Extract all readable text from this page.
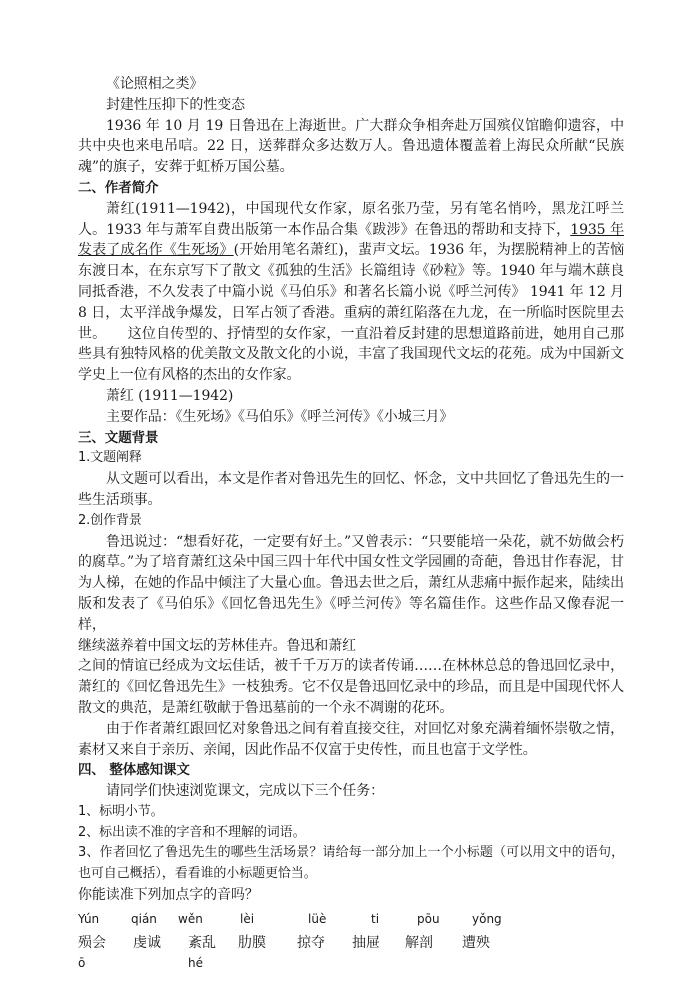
《论照相之类》

封建性压抑下的性变态

1936 年 10 月 19 日鲁迅在上海逝世。广大群众争相奔赴万国殡仪馆瞻仰遗容，中共中央也来电吊唁。22 日，送葬群众多达数万人。鲁迅遗体覆盖着上海民众所献“民族魂”的旗子，安葬于虹桥万国公墓。

二、作者简介

萧红(1911—1942)，中国现代女作家，原名张乃莹，另有笔名悄吟，黑龙江呼兰人。1933 年与萧军自费出版第一本作品合集《跋涉》在鲁迅的帮助和支持下，1935 年发表了成名作《生死场》(开始用笔名萧红)，蜚声文坛。1936 年，为摆脱精神上的苦恼东渡日本，在东京写下了散文《孤独的生活》长篇组诗《砂粒》等。1940 年与端木蕻良同抵香港，不久发表了中篇小说《马伯乐》和著名长篇小说《呼兰河传》 1941 年 12 月 8 日，太平洋战争爆发，日军占领了香港。重病的萧红陷落在九龙，在一所临时医院里去世。　　这位自传型的、抒情型的女作家，一直沿着反封建的思想道路前进，她用自己那些具有独特风格的优美散文及散文化的小说，丰富了我国现代文坛的花苑。成为中国新文学史上一位有风格的杰出的女作家。

萧红 (1911—1942)

主要作品：《生死场》《马伯乐》《呼兰河传》《小城三月》

三、文题背景

1.文题阐释

从文题可以看出，本文是作者对鲁迅先生的回忆、怀念，文中共回忆了鲁迅先生的一些生活琐事。

2.创作背景

鲁迅说过：“想看好花，一定要有好土。”又曾表示：“只要能培一朵花，就不妨做会朽的腐草。”为了培育萧红这朵中国三四十年代中国女性文学园圃的奇葩，鲁迅甘作春泥，甘为人梯，在她的作品中倾注了大量心血。鲁迅去世之后，萧红从悲痛中振作起来，陆续出版和发表了《马伯乐》《回忆鲁迅先生》《呼兰河传》等名篇佳作。这些作品又像春泥一样，

继续滋养着中国文坛的芳林佳卉。鲁迅和萧红

之间的情谊已经成为文坛佳话，被千千万万的读者传诵……在林林总总的鲁迅回忆录中，萧红的《回忆鲁迅先生》一枝独秀。它不仅是鲁迅回忆录中的珍品，而且是中国现代怀人散文的典范，是萧红敬献于鲁迅墓前的一个永不凋谢的花环。

由于作者萧红跟回忆对象鲁迅之间有着直接交往，对回忆对象充满着缅怀崇敬之情，素材又来自于亲历、亲闻，因此作品不仅富于史传性，而且也富于文学性。

四、 整体感知课文

请同学们快速浏览课文，完成以下三个任务：

1、标明小节。

2、标出读不准的字音和不理解的词语。

3、作者回忆了鲁迅先生的哪些生活场景？请给每一部分加上一个小标题（可以用文中的语句，也可自己概括），看看谁的小标题更恰当。

你能读准下列加点字的音吗？

Yún	qián wěn	lèi	lüè	ti	pōu	yǒng
殒会 虔诚 紊乱 肋膜 掠夺 抽屉 解剖 遭殃
ō	hé
